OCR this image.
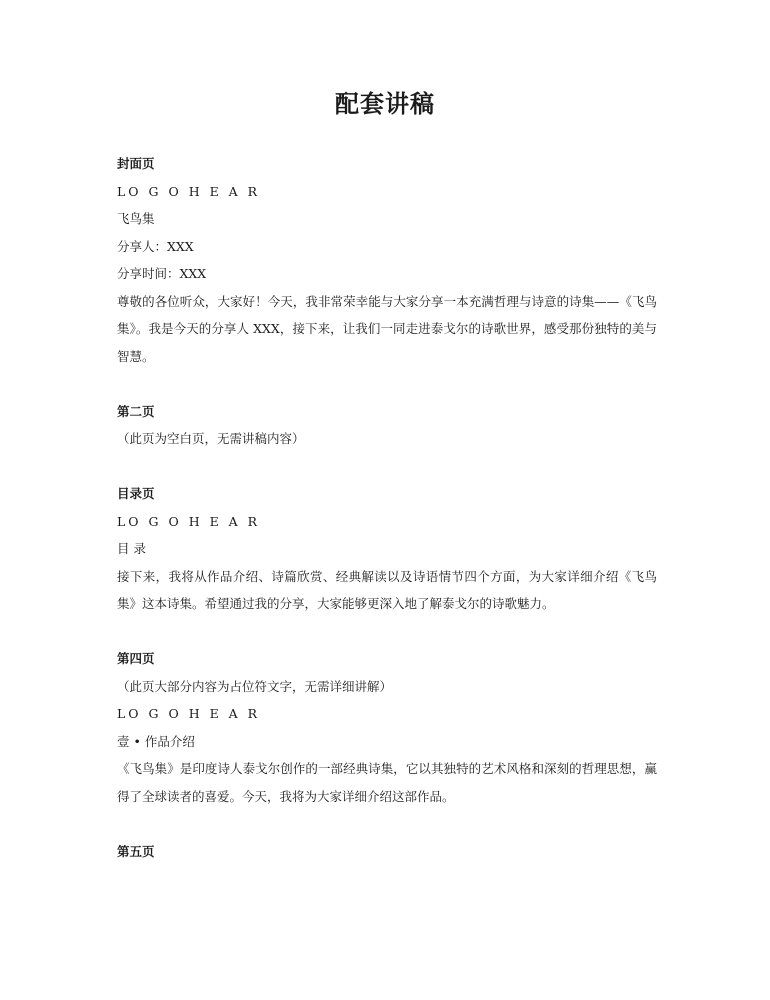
配套讲稿
封面页
LO G O H E A R
飞鸟集
分享人：XXX
分享时间：XXX
尊敬的各位听众，大家好！今天，我非常荣幸能与大家分享一本充满哲理与诗意的诗集——《飞鸟集》。我是今天的分享人 XXX，接下来，让我们一同走进泰戈尔的诗歌世界，感受那份独特的美与智慧。
第二页
（此页为空白页，无需讲稿内容）
目录页
LO G O H E A R
目 录
接下来，我将从作品介绍、诗篇欣赏、经典解读以及诗语情节四个方面，为大家详细介绍《飞鸟集》这本诗集。希望通过我的分享，大家能够更深入地了解泰戈尔的诗歌魅力。
第四页
（此页大部分内容为占位符文字，无需详细讲解）
LO G O H E A R
壹 • 作品介绍
《飞鸟集》是印度诗人泰戈尔创作的一部经典诗集，它以其独特的艺术风格和深刻的哲理思想，赢得了全球读者的喜爱。今天，我将为大家详细介绍这部作品。
第五页
